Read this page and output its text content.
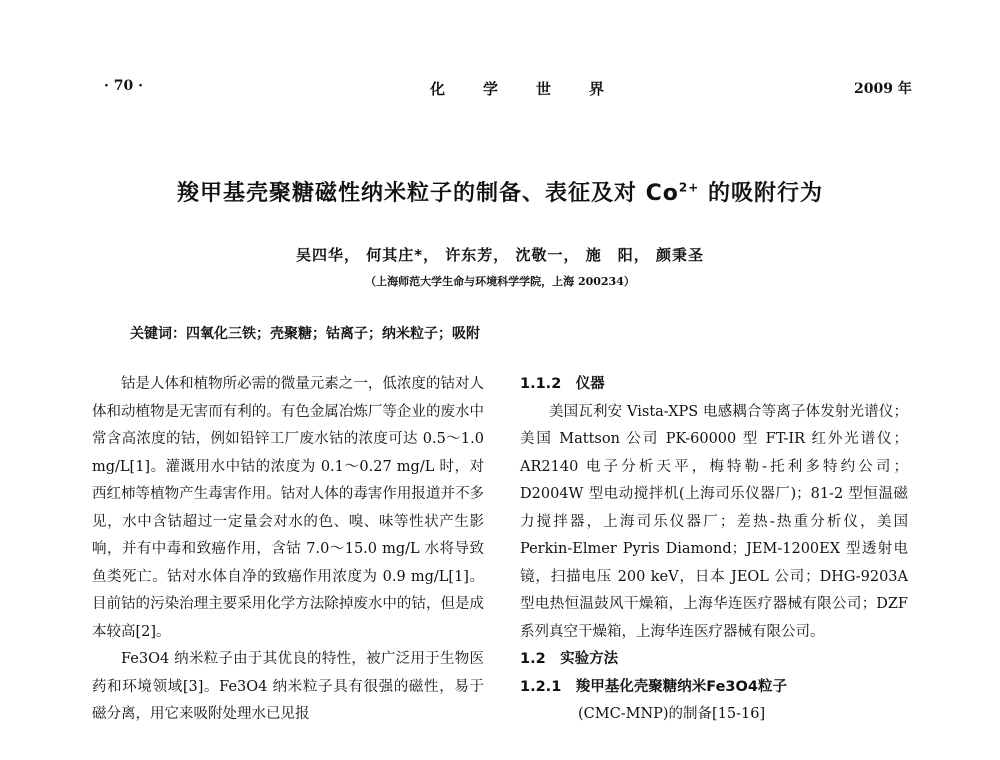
· 70 ·	化学世界	2009 年
羧甲基壳聚糖磁性纳米粒子的制备、表征及对 $Co^{2+}$ 的吸附行为
吴四华， 何其庄*， 许东芳， 沈敬一， 施　阳， 颜秉圣
（上海师范大学生命与环境科学学院，上海 200234）
关键词：四氧化三铁；壳聚糖；钴离子；纳米粒子；吸附

钴是人体和植物所必需的微量元素之一，低浓度的钴对人体和动植物是无害而有利的。有色金属冶炼厂等企业的废水中常含高浓度的钴，例如铅锌工厂废水钴的浓度可达 0.5～1.0 mg/L[1]。灌溉用水中钴的浓度为 0.1～0.27 mg/L 时，对西红柿等植物产生毒害作用。钴对人体的毒害作用报道并不多见，水中含钴超过一定量会对水的色、嗅、味等性状产生影响，并有中毒和致癌作用，含钴 7.0～15.0 mg/L 水将导致鱼类死亡。钴对水体自净的致癌作用浓度为 0.9 mg/L[1]。目前钴的污染治理主要采用化学方法除掉废水中的钴，但是成本较高[2]。

Fe3O4 纳米粒子由于其优良的特性，被广泛用于生物医药和环境领域[3]。Fe3O4 纳米粒子具有很强的磁性，易于磁分离，用它来吸附处理水已见报

1.1.2　仪器

美国瓦利安 Vista-XPS 电感耦合等离子体发射光谱仪；美国 Mattson 公司 PK-60000 型 FT-IR 红外光谱仪；AR2140 电子分析天平，梅特勒-托利多特约公司；D2004W 型电动搅拌机(上海司乐仪器厂)；81-2 型恒温磁力搅拌器，上海司乐仪器厂；差热-热重分析仪，美国 Perkin-Elmer Pyris Diamond；JEM-1200EX 型透射电镜，扫描电压 200 keV，日本 JEOL 公司；DHG-9203A 型电热恒温鼓风干燥箱，上海华连医疗器械有限公司；DZF 系列真空干燥箱，上海华连医疗器械有限公司。

1.2　实验方法

1.2.1　羧甲基化壳聚糖纳米Fe3O4粒子

(CMC-MNP)的制备[15-16]
